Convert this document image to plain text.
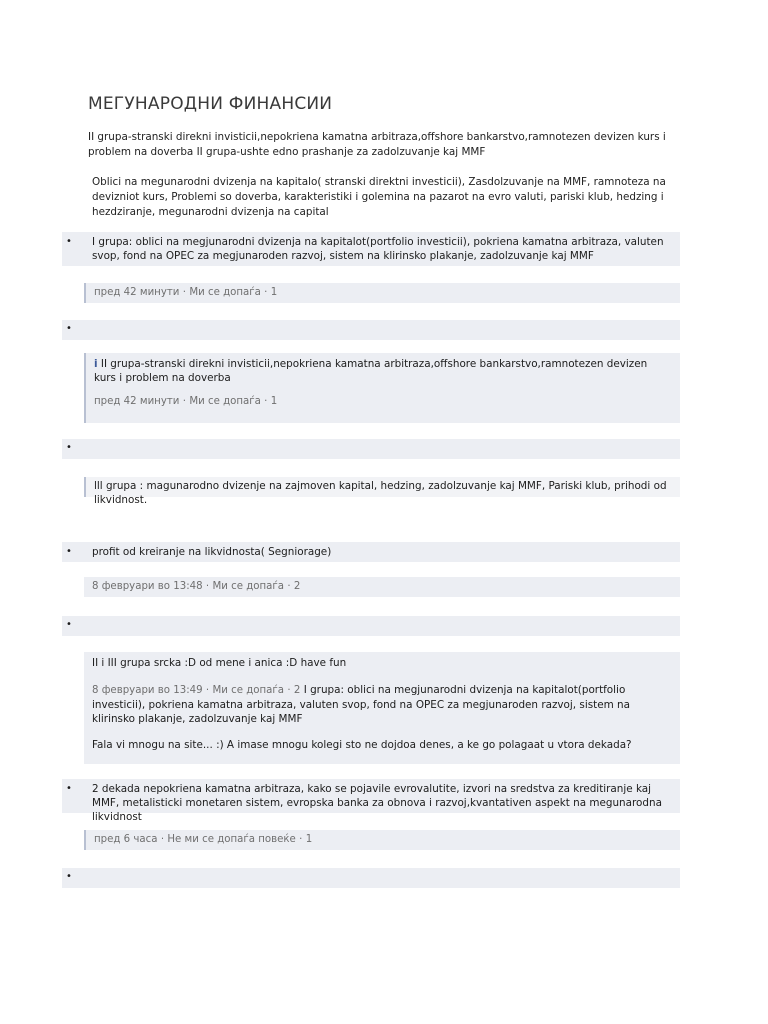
МЕГУНАРОДНИ ФИНАНСИИ
II grupa-stranski direkni invisticii,nepokriena kamatna arbitraza,offshore bankarstvo,ramnotezen devizen kurs i problem na doverba II grupa-ushte edno prashanje za zadolzuvanje kaj MMF
Oblici na megunarodni dvizenja na kapitalo( stranski direktni investicii), Zasdolzuvanje na MMF, ramnoteza na devizniot kurs, Problemi so doverba, karakteristiki i golemina na pazarot na evro valuti, pariski klub, hedzing i hezdziranje, megunarodni dvizenja na capital
• I grupa: oblici na megjunarodni dvizenja na kapitalot(portfolio investicii), pokriena kamatna arbitraza, valuten svop, fond na OPEC za megjunaroden razvoj, sistem na klirinsko plakanje, zadolzuvanje kaj MMF
пред 42 минути · Ми се допаѓа · 1
•
i II grupa-stranski direkni invisticii,nepokriena kamatna arbitraza,offshore bankarstvo,ramnotezen devizen kurs i problem na doverba
пред 42 минути · Ми се допаѓа · 1
•
lll grupa : magunarodno dvizenje na zajmoven kapital, hedzing, zadolzuvanje kaj MMF, Pariski klub, prihodi od likvidnost.
• profit od kreiranje na likvidnosta( Segniorage)
8 февруари во 13:48 · Ми се допаѓа · 2
•
II i III grupa srcka :D od mene i anica :D have fun
8 февруари во 13:49 · Ми се допаѓа · 2 I grupa: oblici na megjunarodni dvizenja na kapitalot(portfolio investicii), pokriena kamatna arbitraza, valuten svop, fond na OPEC za megjunaroden razvoj, sistem na klirinsko plakanje, zadolzuvanje kaj MMF
Fala vi mnogu na site... :) A imase mnogu kolegi sto ne dojdoa denes, a ke go polagaat u vtora dekada?
• 2 dekada nepokriena kamatna arbitraza, kako se pojavile evrovalutite, izvori na sredstva za kreditiranje kaj MMF, metalisticki monetaren sistem, evropska banka za obnova i razvoj,kvantativen aspekt na megunarodna likvidnost
пред 6 часа · Не ми се допаѓа повеќе · 1
•
